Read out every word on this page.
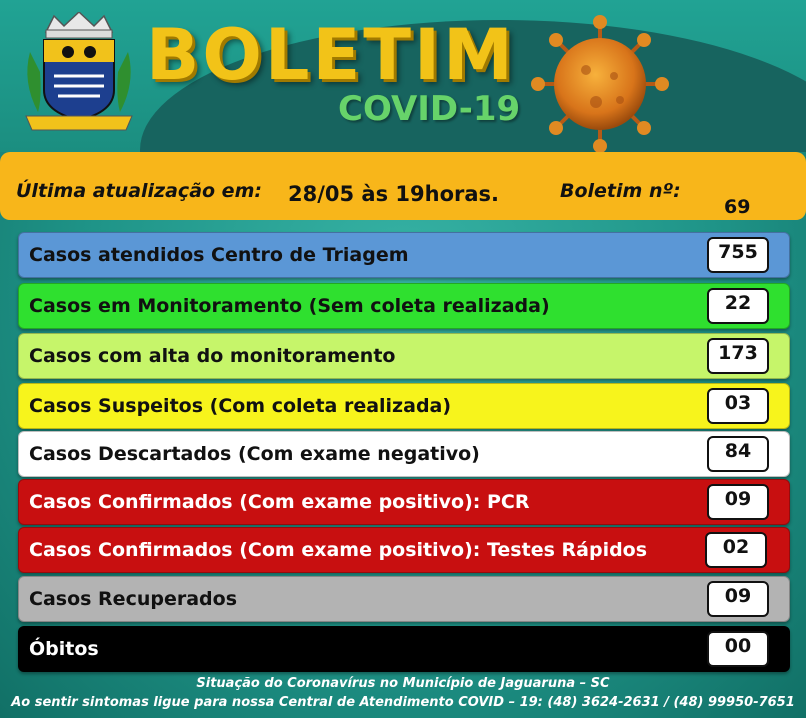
BOLETIM
COVID-19
Última atualização em: 28/05 às 19horas.	Boletim nº:
69
Casos atendidos Centro de Triagem	755
Casos em Monitoramento (Sem coleta realizada)	22
Casos com alta do monitoramento	173
Casos Suspeitos (Com coleta realizada)	03
Casos Descartados (Com exame negativo)	84
Casos Confirmados (Com exame positivo): PCR	09
Casos Confirmados (Com exame positivo): Testes Rápidos	02
Casos Recuperados	09
Óbitos	00
Situação do Coronavírus no Município de Jaguaruna – SC
Ao sentir sintomas ligue para nossa Central de Atendimento COVID – 19: (48) 3624-2631 / (48) 99950-7651
